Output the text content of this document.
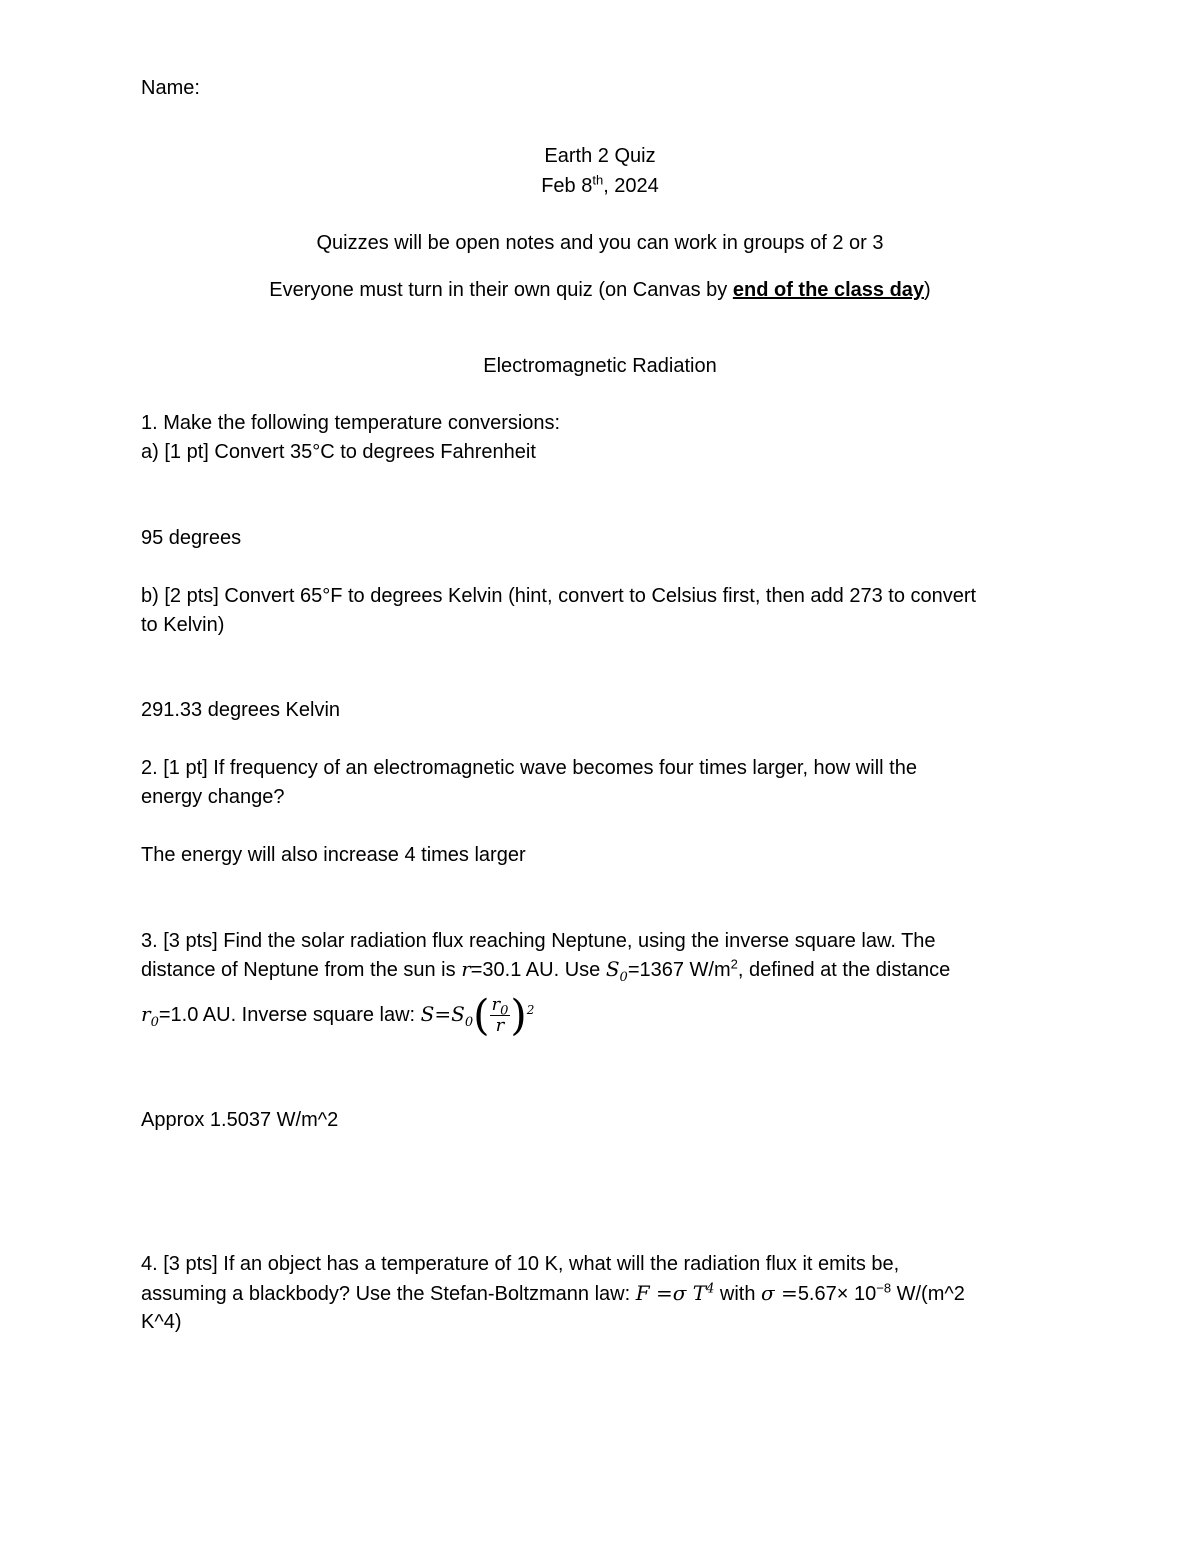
Name:
Earth 2 Quiz
Feb 8th, 2024
Quizzes will be open notes and you can work in groups of 2 or 3
Everyone must turn in their own quiz (on Canvas by end of the class day)
Electromagnetic Radiation
1. Make the following temperature conversions:
a) [1 pt] Convert 35°C to degrees Fahrenheit
95 degrees
b) [2 pts] Convert 65°F to degrees Kelvin (hint, convert to Celsius first, then add 273 to convert
to Kelvin)
291.33 degrees Kelvin
2. [1 pt] If frequency of an electromagnetic wave becomes four times larger, how will the
energy change?
The energy will also increase 4 times larger
3. [3 pts] Find the solar radiation flux reaching Neptune, using the inverse square law. The
distance of Neptune from the sun is r=30.1 AU. Use $S_0=1367$ $W/m^2$, defined at the distance
$r_0=1.0$ AU. Inverse square law: $S=S_0( \frac{r_0}{r} )^2$
Approx 1.5037 W/m^2
4. [3 pts] If an object has a temperature of 10 K, what will the radiation flux it emits be,
assuming a blackbody? Use the Stefan-Boltzmann law: F =σ $T^4$ with $\sigma =5.67\times 10^{-8}$ W/(m^2
K^4)
